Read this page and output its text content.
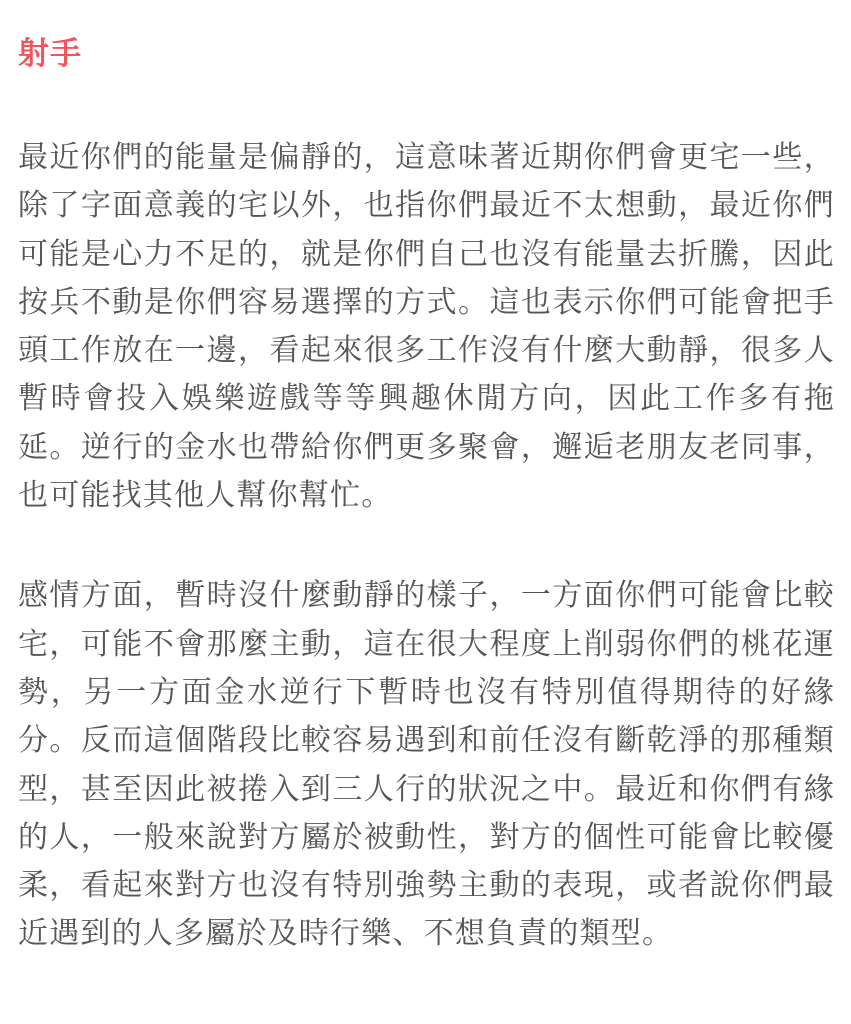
射手

最近你們的能量是偏靜的，這意味著近期你們會更宅一些，除了字面意義的宅以外，也指你們最近不太想動，最近你們可能是心力不足的，就是你們自己也沒有能量去折騰，因此按兵不動是你們容易選擇的方式。這也表示你們可能會把手頭工作放在一邊，看起來很多工作沒有什麼大動靜，很多人暫時會投入娛樂遊戲等等興趣休閒方向，因此工作多有拖延。逆行的金水也帶給你們更多聚會，邂逅老朋友老同事，也可能找其他人幫你幫忙。

感情方面，暫時沒什麼動靜的樣子，一方面你們可能會比較宅，可能不會那麼主動，這在很大程度上削弱你們的桃花運勢，另一方面金水逆行下暫時也沒有特別值得期待的好緣分。反而這個階段比較容易遇到和前任沒有斷乾淨的那種類型，甚至因此被捲入到三人行的狀況之中。最近和你們有緣的人，一般來說對方屬於被動性，對方的個性可能會比較優柔，看起來對方也沒有特別強勢主動的表現，或者說你們最近遇到的人多屬於及時行樂、不想負責的類型。
